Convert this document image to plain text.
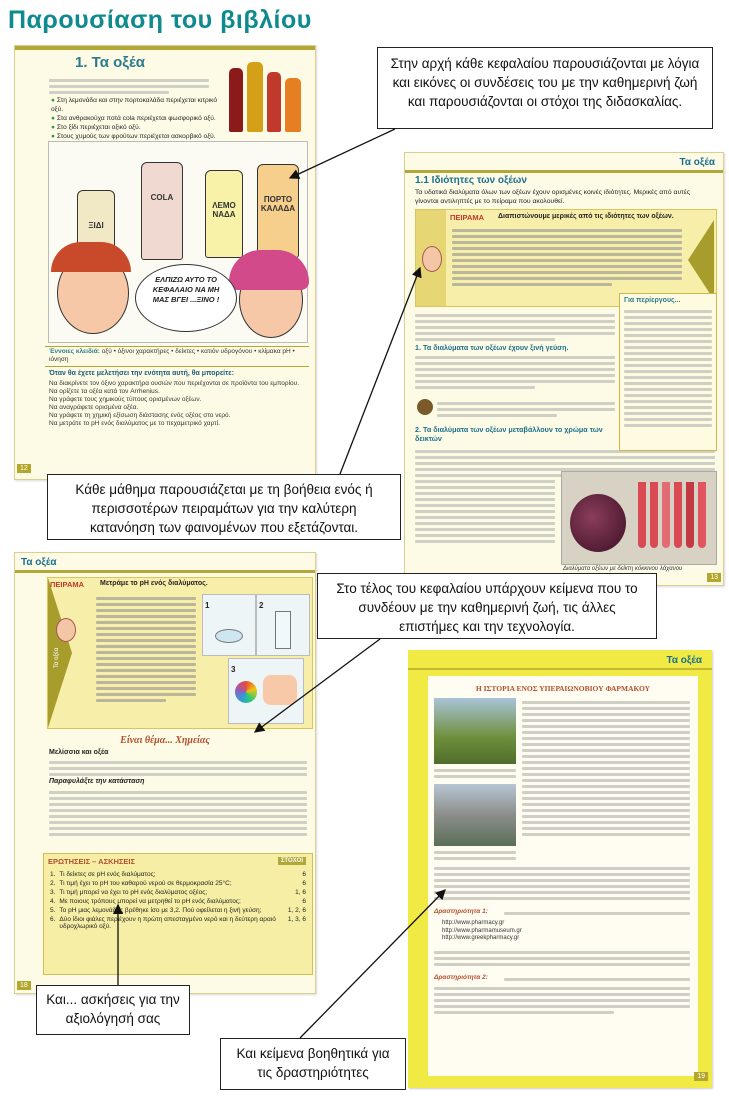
Παρουσίαση του βιβλίου
1. Τα οξέα
● Στη λεμονάδα και στην πορτοκαλάδα περιέχεται κιτρικό οξύ.
● Στα ανθρακούχα ποτά cola περιέχεται φωσφορικό οξύ.
● Στο ξίδι περιέχεται οξικό οξύ.
● Στους χυμούς των φρούτων περιέχεται ασκορβικό οξύ.
ΞΙΔΙ
COLA
ΛΕΜΟ ΝΑΔΑ
ΠΟΡΤΟ ΚΑΛΑΔΑ
ΕΛΠΙΖΩ ΑΥΤΟ ΤΟ ΚΕΦΑΛΑΙΟ ΝΑ ΜΗ ΜΑΣ ΒΓΕΙ ...ΞΙΝΟ !
Έννοιες κλειδιά: οξύ • όξινοι χαρακτήρες • δείκτες • κατιόν υδρογόνου • κλίμακα pH • ιόνηση
Όταν θα έχετε μελετήσει την ενότητα αυτή, θα μπορείτε:
Να διακρίνετε τον όξινο χαρακτήρα ουσιών που περιέχονται σε προϊόντα του εμπορίου.
Να ορίζετε τα οξέα κατά τον Arrhenius.
Να γράφετε τους χημικούς τύπους ορισμένων οξέων.
Να αναγράφετε ορισμένα οξέα.
Να γράφετε τη χημική εξίσωση διάστασης ενός οξέος στο νερό.
Να μετράτε το pH ενός διαλύματος με το πεχαμετρικό χαρτί.
12
Τα οξέα
1.1 Ιδιότητες των οξέων
Τα υδατικά διαλύματα όλων των οξέων έχουν ορισμένες κοινές ιδιότητες. Μερικές από αυτές γίνονται αντιληπτές με το πείραμα που ακολουθεί.
ΠΕΙΡΑΜΑ Διαπιστώνουμε μερικές από τις ιδιότητες των οξέων.
1. Τα διαλύματα των οξέων έχουν ξινή γεύση.
2. Τα διαλύματα των οξέων μεταβάλλουν το χρώμα των δεικτών
Για περίεργους...
Διαλύματα οξέων με δείκτη κόκκινου λάχανου
13
Τα οξέα
ΠΕΙΡΑΜΑ Μετράμε το pH ενός διαλύματος.
Τα οξέα
1	2
3
Είναι θέμα... Χημείας
Μελίσσια και οξέα
Παραφυλάξτε την κατάσταση
ΕΡΩΤΗΣΕΙΣ – ΑΣΚΗΣΕΙΣ	ΣΤΟΧΟΙ
1.	Τι δείκτες σε pH ενός διαλύματος;	6
2.	Τι τιμή έχει το pH του καθαρού νερού σε θερμοκρασία 25°C;	6
3.	Τι τιμή μπορεί να έχει το pH ενός διαλύματος οξέος;	1, 6
4.	Με ποιους τρόπους μπορεί να μετρηθεί το pH ενός διαλύματος;	6
5.	Το pH μιας λεμονάδας βρέθηκε ίσο με 3,2. Πού οφείλεται η ξινή γεύση;	1, 2, 6
6.	Δύο ίδιοι φιάλες περιέχουν η πρώτη απεσταγμένο νερό και η δεύτερη αραιό υδροχλωρικό οξύ.	1, 3, 6
18
Τα οξέα
Η ΙΣΤΟΡΙΑ ΕΝΟΣ ΥΠΕΡΑΙΩΝΟΒΙΟΥ ΦΑΡΜΑΚΟΥ
Δραστηριότητα 1:
http://www.pharmacy.gr
http://www.pharmamuseum.gr
http://www.greekpharmacy.gr
Δραστηριότητα 2:
19
Στην αρχή κάθε κεφαλαίου παρουσιάζονται με λόγια και εικόνες οι συνδέσεις του με την καθημερινή ζωή και παρουσιάζονται οι στόχοι της διδασκαλίας.
Κάθε μάθημα παρουσιάζεται με τη βοήθεια ενός ή περισσοτέρων πειραμάτων για την καλύτερη κατανόηση των φαινομένων που εξετάζονται.
Στο τέλος του κεφαλαίου υπάρχουν κείμενα που το συνδέουν με την καθημερινή ζωή, τις άλλες επιστήμες και την τεχνολογία.
Και... ασκήσεις για την αξιολόγησή σας
Και κείμενα βοηθητικά για τις δραστηριότητες
